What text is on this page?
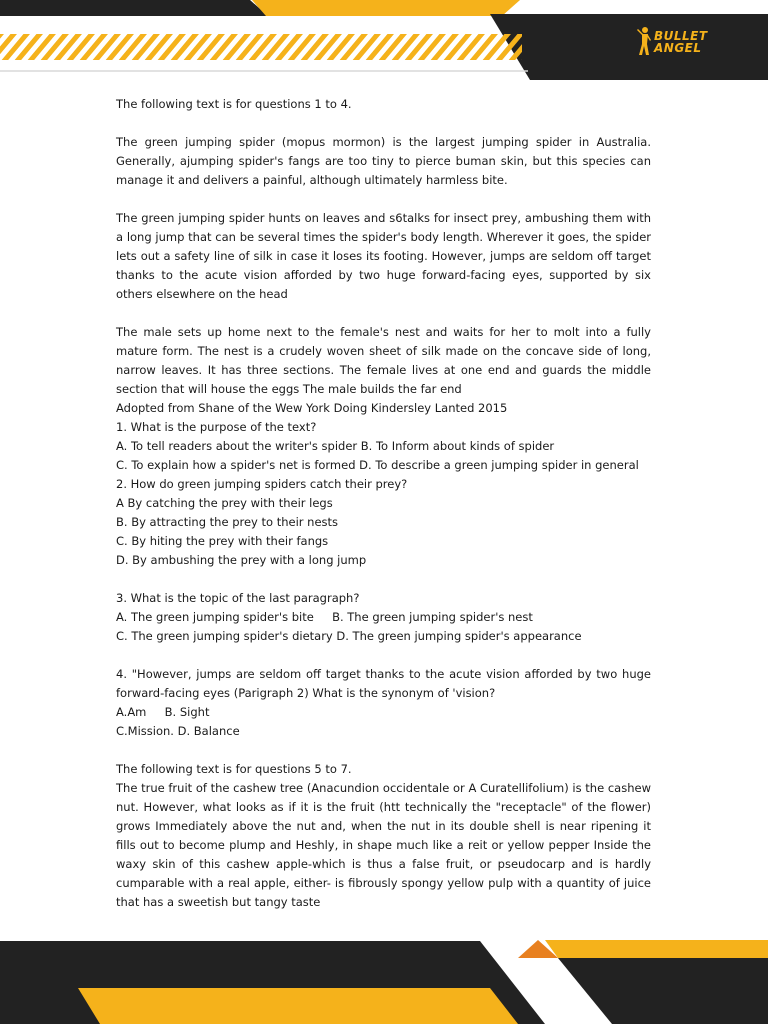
BULLET
ANGEL

The following text is for questions 1 to 4.

The green jumping spider (mopus mormon) is the largest jumping spider in Australia. Generally, ajumping spider's fangs are too tiny to pierce buman skin, but this species can manage it and delivers a painful, although ultimately harmless bite.

The green jumping spider hunts on leaves and s6talks for insect prey, ambushing them with a long jump that can be several times the spider's body length. Wherever it goes, the spider lets out a safety line of silk in case it loses its footing. However, jumps are seldom off target thanks to the acute vision afforded by two huge forward-facing eyes, supported by six others elsewhere on the head

The male sets up home next to the female's nest and waits for her to molt into a fully mature form. The nest is a crudely woven sheet of silk made on the concave side of long, narrow leaves. It has three sections. The female lives at one end and guards the middle section that will house the eggs The male builds the far end

Adopted from Shane of the Wew York Doing Kindersley Lanted 2015

1. What is the purpose of the text?

A. To tell readers about the writer's spider B. To Inform about kinds of spider

C. To explain how a spider's net is formed D. To describe a green jumping spider in general

2. How do green jumping spiders catch their prey?

A By catching the prey with their legs

B. By attracting the prey to their nests

C. By hiting the prey with their fangs

D. By ambushing the prey with a long jump

3. What is the topic of the last paragraph?

A. The green jumping spider's bite     B. The green jumping spider's nest

C. The green jumping spider's dietary D. The green jumping spider's appearance

4. "However, jumps are seldom off target thanks to the acute vision afforded by two huge forward-facing eyes (Parigraph 2) What is the synonym of 'vision?

A.Am     B. Sight

C.Mission. D. Balance

The following text is for questions 5 to 7.

The true fruit of the cashew tree (Anacundion occidentale or A Curatellifolium) is the cashew nut. However, what looks as if it is the fruit (htt technically the "receptacle" of the flower) grows Immediately above the nut and, when the nut in its double shell is near ripening it fills out to become plump and Heshly, in shape much like a reit or yellow pepper Inside the waxy skin of this cashew apple-which is thus a false fruit, or pseudocarp and is hardly cumparable with a real apple, either- is fibrously spongy yellow pulp with a quantity of juice that has a sweetish but tangy taste
